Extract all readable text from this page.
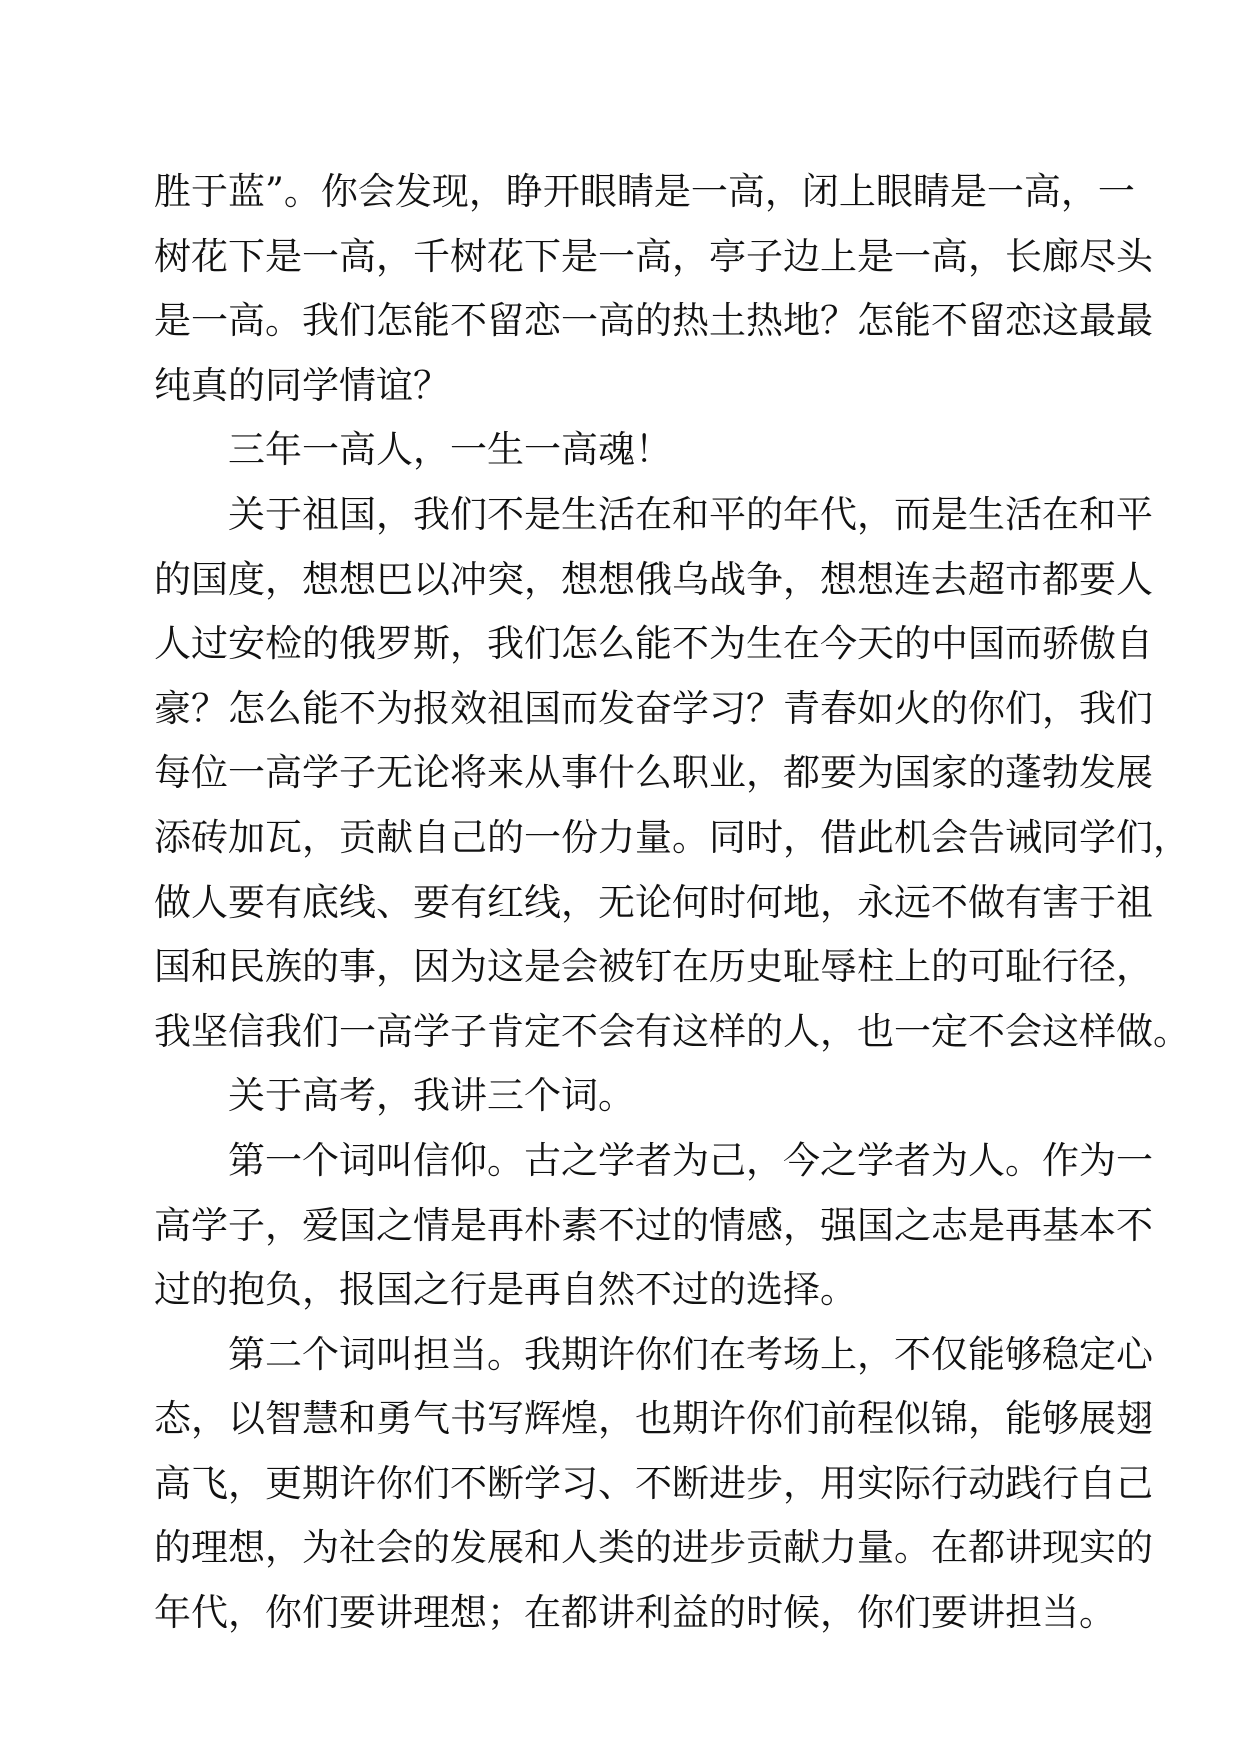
胜于蓝”。你会发现，睁开眼睛是一高，闭上眼睛是一高，一
树花下是一高，千树花下是一高，亭子边上是一高，长廊尽头
是一高。我们怎能不留恋一高的热土热地？怎能不留恋这最最
纯真的同学情谊？
三年一高人，一生一高魂！
关于祖国，我们不是生活在和平的年代，而是生活在和平
的国度，想想巴以冲突，想想俄乌战争，想想连去超市都要人
人过安检的俄罗斯，我们怎么能不为生在今天的中国而骄傲自
豪？怎么能不为报效祖国而发奋学习？青春如火的你们，我们
每位一高学子无论将来从事什么职业，都要为国家的蓬勃发展
添砖加瓦，贡献自己的一份力量。同时，借此机会告诫同学们，
做人要有底线、要有红线，无论何时何地，永远不做有害于祖
国和民族的事，因为这是会被钉在历史耻辱柱上的可耻行径，
我坚信我们一高学子肯定不会有这样的人，也一定不会这样做。
关于高考，我讲三个词。
第一个词叫信仰。古之学者为己，今之学者为人。作为一
高学子，爱国之情是再朴素不过的情感，强国之志是再基本不
过的抱负，报国之行是再自然不过的选择。
第二个词叫担当。我期许你们在考场上，不仅能够稳定心
态，以智慧和勇气书写辉煌，也期许你们前程似锦，能够展翅
高飞，更期许你们不断学习、不断进步，用实际行动践行自己
的理想，为社会的发展和人类的进步贡献力量。在都讲现实的
年代，你们要讲理想；在都讲利益的时候，你们要讲担当。
